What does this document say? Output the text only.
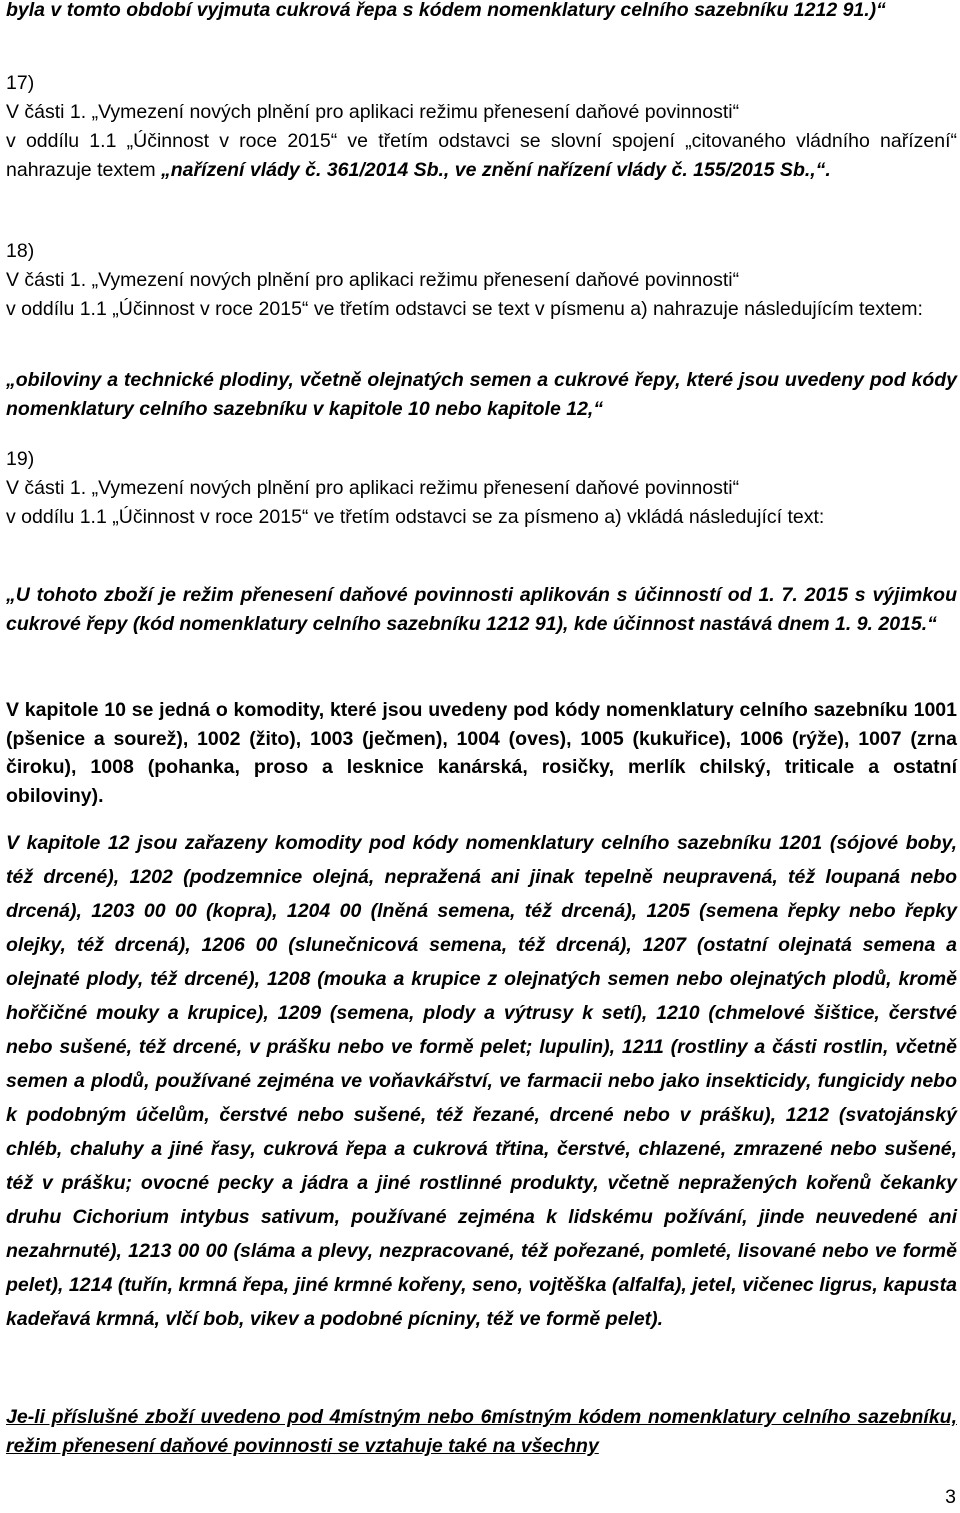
byla v tomto období vyjmuta cukrová řepa s kódem nomenklatury celního sazebníku 1212 91.)“

17)

V části 1. „Vymezení nových plnění pro aplikaci režimu přenesení daňové povinnosti“

v oddílu 1.1 „Účinnost v roce 2015“ ve třetím odstavci se slovní spojení „citovaného vládního nařízení“ nahrazuje textem „nařízení vlády č. 361/2014 Sb., ve znění nařízení vlády č. 155/2015 Sb.,“.

18)

V části 1. „Vymezení nových plnění pro aplikaci režimu přenesení daňové povinnosti“

v oddílu 1.1 „Účinnost v roce 2015“ ve třetím odstavci se text v písmenu a) nahrazuje následujícím textem:

„obiloviny a technické plodiny, včetně olejnatých semen a cukrové řepy, které jsou uvedeny pod kódy nomenklatury celního sazebníku v kapitole 10 nebo kapitole 12,“

19)

V části 1. „Vymezení nových plnění pro aplikaci režimu přenesení daňové povinnosti“

v oddílu 1.1 „Účinnost v roce 2015“ ve třetím odstavci se za písmeno a) vkládá následující text:

„U tohoto zboží je režim přenesení daňové povinnosti aplikován s účinností od 1. 7. 2015 s výjimkou cukrové řepy (kód nomenklatury celního sazebníku 1212 91), kde účinnost nastává dnem 1. 9. 2015.“

V kapitole 10 se jedná o komodity, které jsou uvedeny pod kódy nomenklatury celního sazebníku 1001 (pšenice a sourež), 1002 (žito), 1003 (ječmen), 1004 (oves), 1005 (kukuřice), 1006 (rýže), 1007 (zrna čiroku), 1008 (pohanka, proso a lesknice kanárská, rosičky, merlík chilský, triticale a ostatní obiloviny).

V kapitole 12 jsou zařazeny komodity pod kódy nomenklatury celního sazebníku 1201 (sójové boby, též drcené), 1202 (podzemnice olejná, nepražená ani jinak tepelně neupravená, též loupaná nebo drcená), 1203 00 00 (kopra), 1204 00 (lněná semena, též drcená), 1205 (semena řepky nebo řepky olejky, též drcená), 1206 00 (slunečnicová semena, též drcená), 1207 (ostatní olejnatá semena a olejnaté plody, též drcené), 1208 (mouka a krupice z olejnatých semen nebo olejnatých plodů, kromě hořčičné mouky a krupice), 1209 (semena, plody a výtrusy k setí), 1210 (chmelové šištice, čerstvé nebo sušené, též drcené, v prášku nebo ve formě pelet; lupulin), 1211 (rostliny a části rostlin, včetně semen a plodů, používané zejména ve voňavkářství, ve farmacii nebo jako insekticidy, fungicidy nebo k podobným účelům, čerstvé nebo sušené, též řezané, drcené nebo v prášku), 1212 (svatojánský chléb, chaluhy a jiné řasy, cukrová řepa a cukrová třtina, čerstvé, chlazené, zmrazené nebo sušené, též v prášku; ovocné pecky a jádra a jiné rostlinné produkty, včetně nepražených kořenů čekanky druhu Cichorium intybus sativum, používané zejména k lidskému požívání, jinde neuvedené ani nezahrnuté), 1213 00 00 (sláma a plevy, nezpracované, též pořezané, pomleté, lisované nebo ve formě pelet), 1214 (tuřín, krmná řepa, jiné krmné kořeny, seno, vojtěška (alfalfa), jetel, vičenec ligrus, kapusta kadeřavá krmná, vlčí bob, vikev a podobné pícniny, též ve formě pelet).

Je-li příslušné zboží uvedeno pod 4místným nebo 6místným kódem nomenklatury celního sazebníku, režim přenesení daňové povinnosti se vztahuje také na všechny

3
